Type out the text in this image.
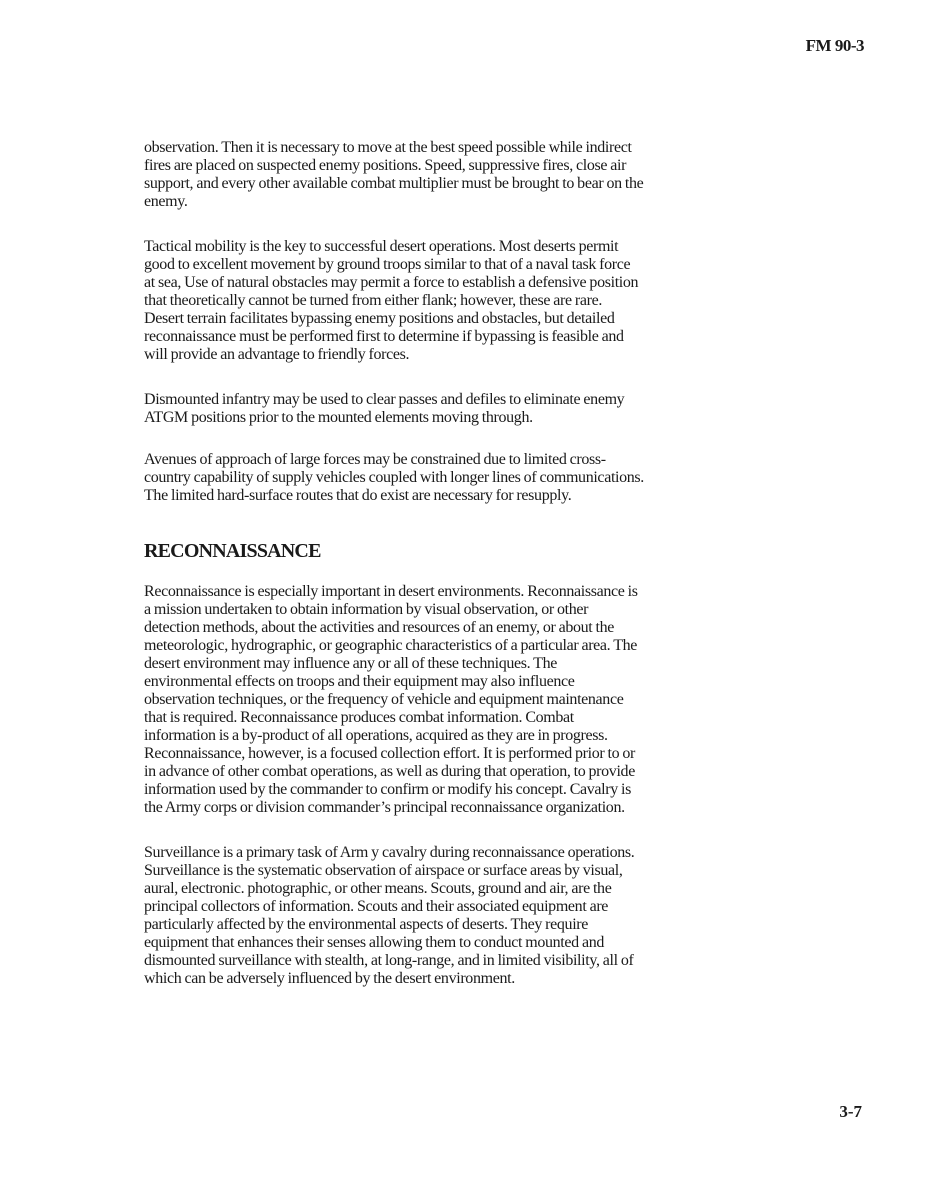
FM 90-3

observation. Then it is necessary to move at the best speed possible while indirect fires are placed on suspected enemy positions. Speed, suppressive fires, close air support, and every other available combat multiplier must be brought to bear on the enemy.

Tactical mobility is the key to successful desert operations. Most deserts permit good to excellent movement by ground troops similar to that of a naval task force at sea, Use of natural obstacles may permit a force to establish a defensive position that theoretically cannot be turned from either flank; however, these are rare. Desert terrain facilitates bypassing enemy positions and obstacles, but detailed reconnaissance must be performed first to determine if bypassing is feasible and will provide an advantage to friendly forces.

Dismounted infantry may be used to clear passes and defiles to eliminate enemy ATGM positions prior to the mounted elements moving through.

Avenues of approach of large forces may be constrained due to limited cross-country capability of supply vehicles coupled with longer lines of communications. The limited hard-surface routes that do exist are necessary for resupply.

RECONNAISSANCE

Reconnaissance is especially important in desert environments. Reconnaissance is a mission undertaken to obtain information by visual observation, or other detection methods, about the activities and resources of an enemy, or about the meteorologic, hydrographic, or geographic characteristics of a particular area. The desert environment may influence any or all of these techniques. The environmental effects on troops and their equipment may also influence observation techniques, or the frequency of vehicle and equipment maintenance that is required. Reconnaissance produces combat information. Combat information is a by-product of all operations, acquired as they are in progress. Reconnaissance, however, is a focused collection effort. It is performed prior to or in advance of other combat operations, as well as during that operation, to provide information used by the commander to confirm or modify his concept. Cavalry is the Army corps or division commander’s principal reconnaissance organization.

Surveillance is a primary task of Arm y cavalry during reconnaissance operations. Surveillance is the systematic observation of airspace or surface areas by visual, aural, electronic. photographic, or other means. Scouts, ground and air, are the principal collectors of information. Scouts and their associated equipment are particularly affected by the environmental aspects of deserts. They require equipment that enhances their senses allowing them to conduct mounted and dismounted surveillance with stealth, at long-range, and in limited visibility, all of which can be adversely influenced by the desert environment.

3-7
